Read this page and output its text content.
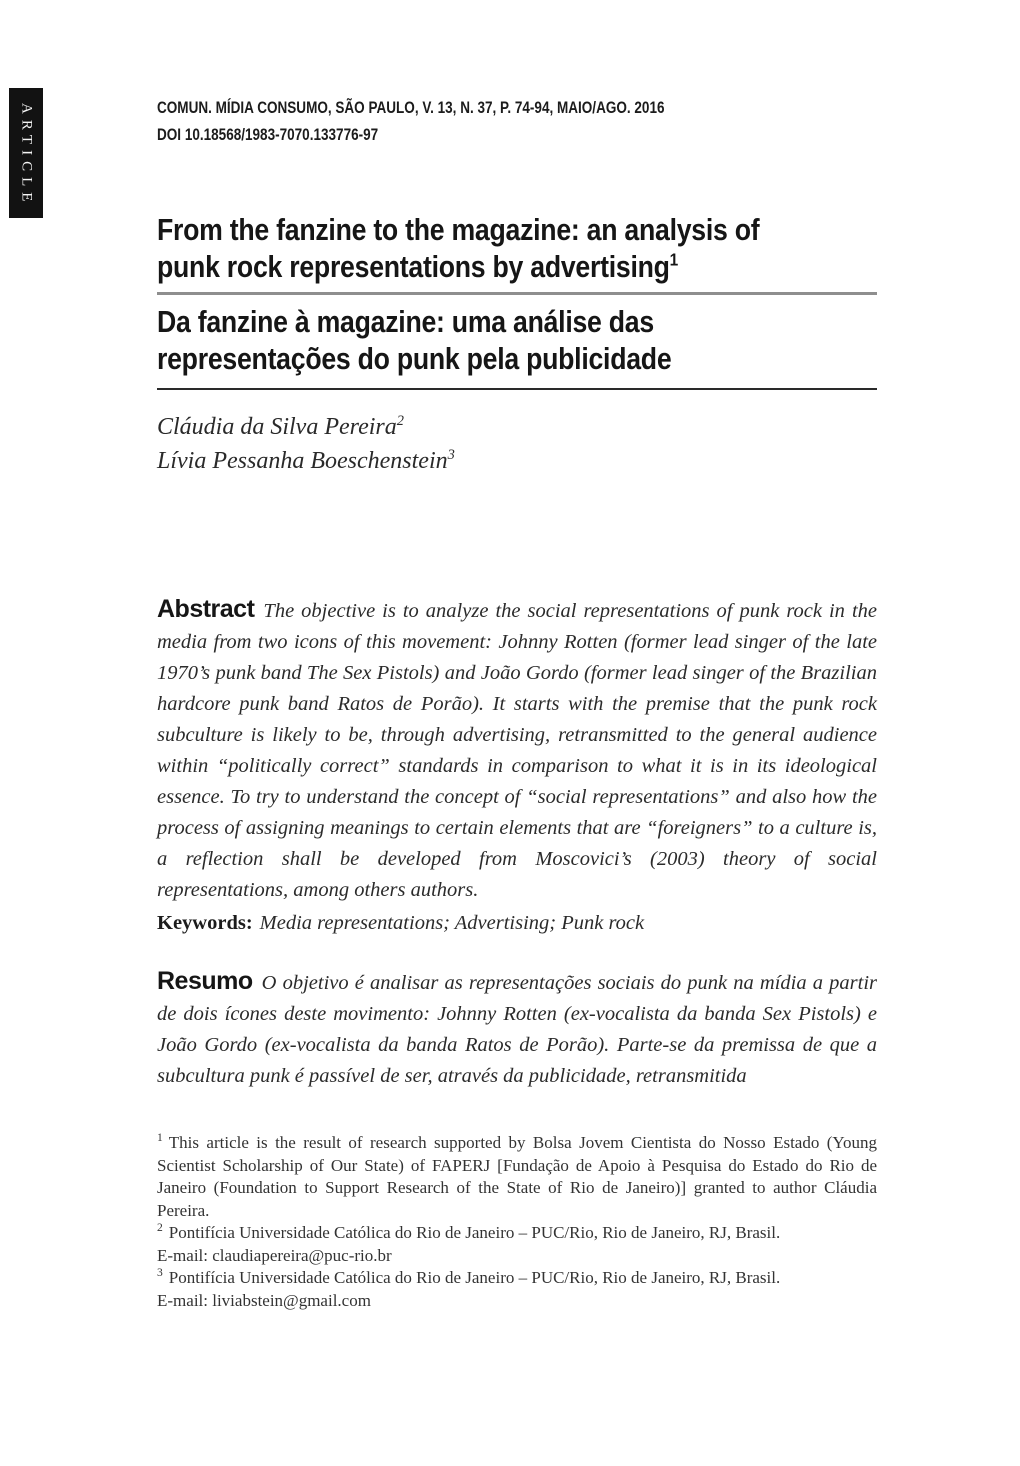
ARTICLE	COMUN. MÍDIA CONSUMO, SÃO PAULO, V. 13, N. 37, P. 74-94, MAIO/AGO. 2016
DOI 10.18568/1983-7070.133776-97
From the fanzine to the magazine: an analysis of
punk rock representations by advertising$^1$
Da fanzine à magazine: uma análise das
representações do punk pela publicidade
Cláudia da Silva Pereira$^2$
Lívia Pessanha Boeschenstein$^3$
Abstract The objective is to analyze the social representations of punk rock in the media from two icons of this movement: Johnny Rotten (former lead singer of the late 1970’s punk band The Sex Pistols) and João Gordo (former lead singer of the Brazilian hardcore punk band Ratos de Porão). It starts with the premise that the punk rock subculture is likely to be, through advertising, retransmitted to the general audience within “politically correct” standards in comparison to what it is in its ideological essence. To try to understand the concept of “social representations” and also how the process of assigning meanings to certain elements that are “foreigners” to a culture is, a reflection shall be developed from Moscovici’s (2003) theory of social representations, among others authors.
Keywords: Media representations; Advertising; Punk rock
Resumo O objetivo é analisar as representações sociais do punk na mídia a partir de dois ícones deste movimento: Johnny Rotten (ex-vocalista da banda Sex Pistols) e João Gordo (ex-vocalista da banda Ratos de Porão). Parte-se da premissa de que a subcultura punk é passível de ser, através da publicidade, retransmitida
$^1$ This article is the result of research supported by Bolsa Jovem Cientista do Nosso Estado (Young Scientist Scholarship of Our State) of FAPERJ [Fundação de Apoio à Pesquisa do Estado do Rio de Janeiro (Foundation to Support Research of the State of Rio de Janeiro)] granted to author Cláudia Pereira.
$^2$ Pontifícia Universidade Católica do Rio de Janeiro – PUC/Rio, Rio de Janeiro, RJ, Brasil.
E-mail: claudiapereira@puc-rio.br
$^3$ Pontifícia Universidade Católica do Rio de Janeiro – PUC/Rio, Rio de Janeiro, RJ, Brasil.
E-mail: liviabstein@gmail.com
